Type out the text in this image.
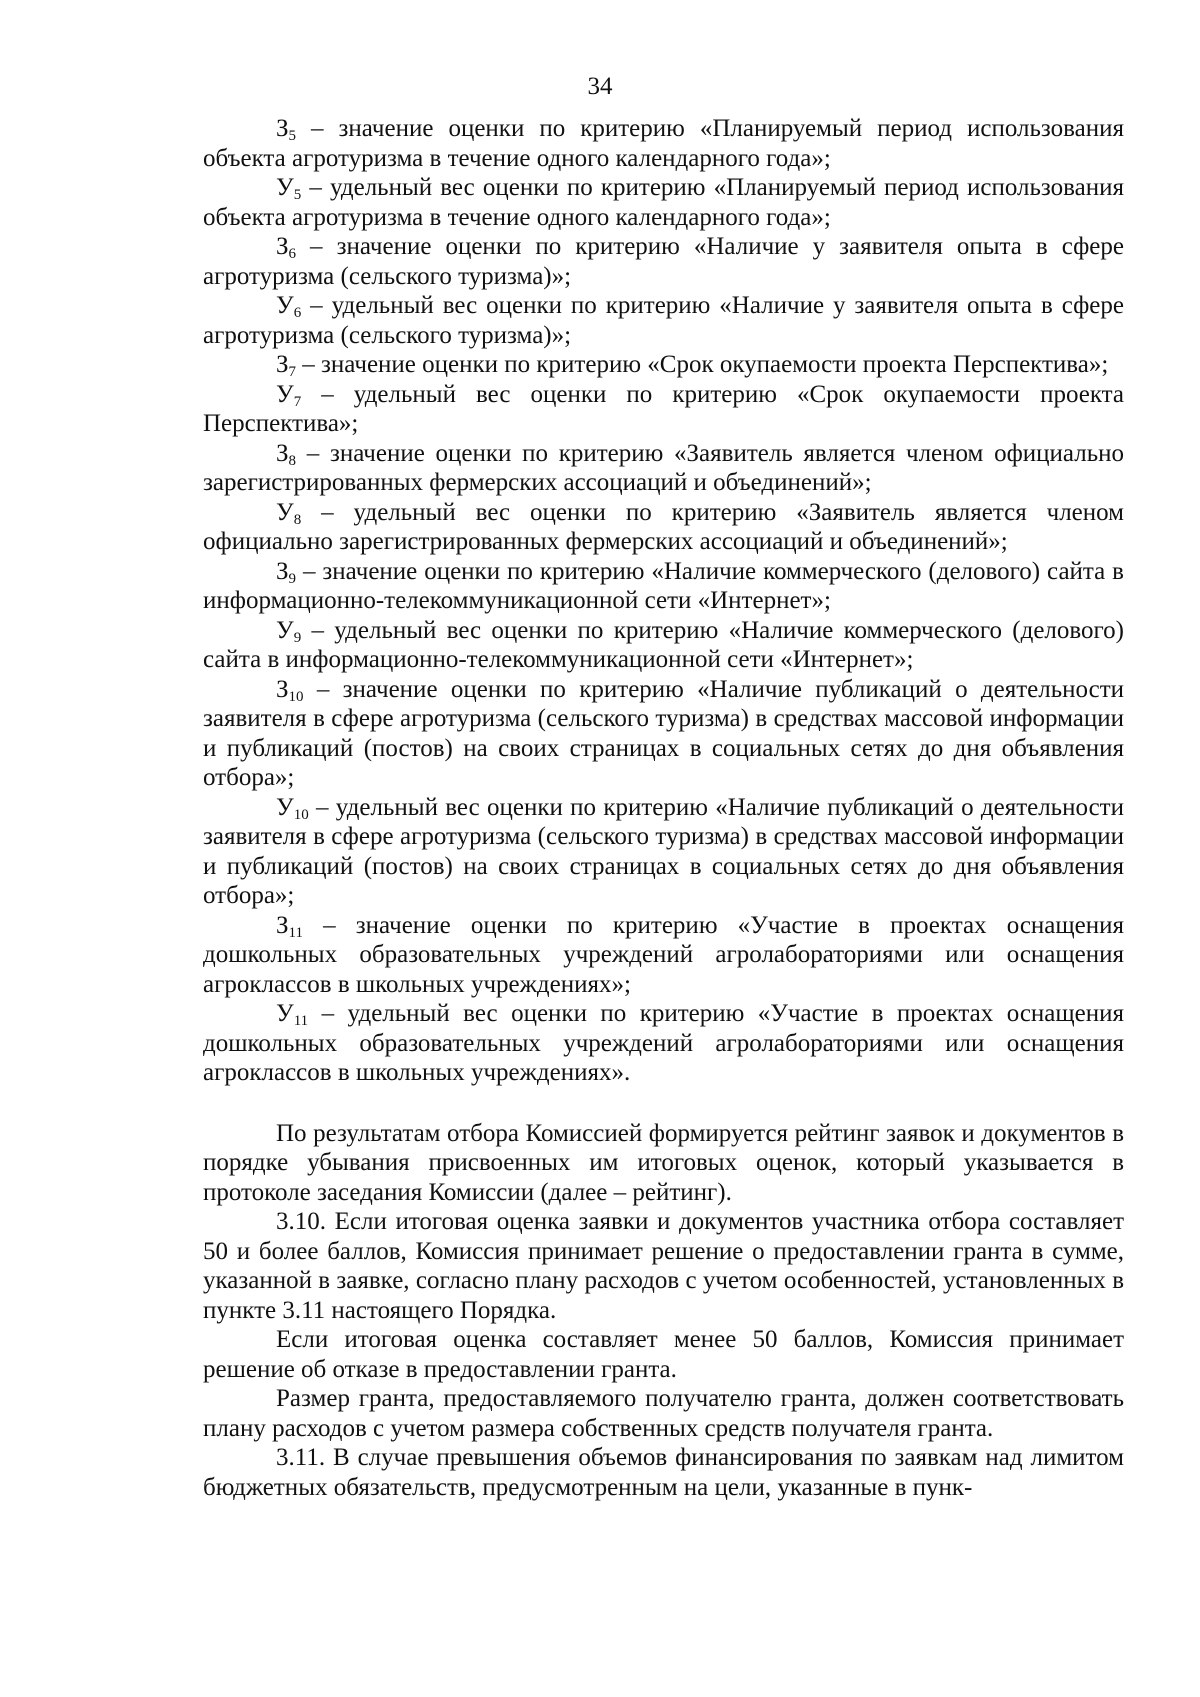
34

$З_5$ – значение оценки по критерию «Планируемый период использования объекта агротуризма в течение одного календарного года»;

$У_5$ – удельный вес оценки по критерию «Планируемый период использования объекта агротуризма в течение одного календарного года»;

$З_6$ – значение оценки по критерию «Наличие у заявителя опыта в сфере агротуризма (сельского туризма)»;

$У_6$ – удельный вес оценки по критерию «Наличие у заявителя опыта в сфере агротуризма (сельского туризма)»;

$З_7$ – значение оценки по критерию «Срок окупаемости проекта Перспектива»;

$У_7$ – удельный вес оценки по критерию «Срок окупаемости проекта Перспектива»;

$З_8$ – значение оценки по критерию «Заявитель является членом официально зарегистрированных фермерских ассоциаций и объединений»;

$У_8$ – удельный вес оценки по критерию «Заявитель является членом официально зарегистрированных фермерских ассоциаций и объединений»;

$З_9$ – значение оценки по критерию «Наличие коммерческого (делового) сайта в информационно-телекоммуникационной сети «Интернет»;

$У_9$ – удельный вес оценки по критерию «Наличие коммерческого (делового) сайта в информационно-телекоммуникационной сети «Интернет»;

$З_{10}$ – значение оценки по критерию «Наличие публикаций о деятельности заявителя в сфере агротуризма (сельского туризма) в средствах массовой информации и публикаций (постов) на своих страницах в социальных сетях до дня объявления отбора»;

$У_{10}$ – удельный вес оценки по критерию «Наличие публикаций о деятельности заявителя в сфере агротуризма (сельского туризма) в средствах массовой информации и публикаций (постов) на своих страницах в социальных сетях до дня объявления отбора»;

$З_{11}$ – значение оценки по критерию «Участие в проектах оснащения дошкольных образовательных учреждений агролабораториями или оснащения агроклассов в школьных учреждениях»;

$У_{11}$ – удельный вес оценки по критерию «Участие в проектах оснащения дошкольных образовательных учреждений агролабораториями или оснащения агроклассов в школьных учреждениях».

По результатам отбора Комиссией формируется рейтинг заявок и документов в порядке убывания присвоенных им итоговых оценок, который указывается в протоколе заседания Комиссии (далее – рейтинг).

3.10. Если итоговая оценка заявки и документов участника отбора составляет 50 и более баллов, Комиссия принимает решение о предоставлении гранта в сумме, указанной в заявке, согласно плану расходов с учетом особенностей, установленных в пункте 3.11 настоящего Порядка.

Если итоговая оценка составляет менее 50 баллов, Комиссия принимает решение об отказе в предоставлении гранта.

Размер гранта, предоставляемого получателю гранта, должен соответствовать плану расходов с учетом размера собственных средств получателя гранта.

3.11. В случае превышения объемов финансирования по заявкам над лимитом бюджетных обязательств, предусмотренным на цели, указанные в пунк-
